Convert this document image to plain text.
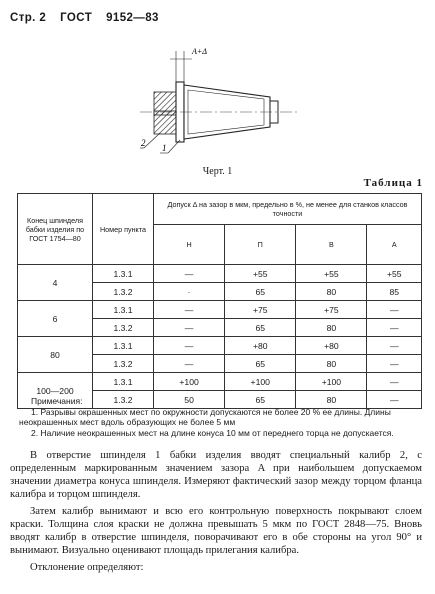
Стр. 2 ГОСТ 9152—83
A+Δ
2 1
Черт. 1
Таблица 1
Конец шпинделя бабки изделия по ГОСТ 1754—80	Номер пункта	Допуск Δ на зазор в мкм, предельно в %, не менее для станков классов точности			
		Н	П	В	А
4	1.3.1	—	+55	+55	+55
	1.3.2	·	65	80	85
6	1.3.1	—	+75	+75	—
	1.3.2	—	65	80	—
80	1.3.1	—	+80	+80	—
	1.3.2	—	65	80	—
100—200	1.3.1	+100	+100	+100	—
	1.3.2	50	65	80	—

Примечания:

1. Разрывы окрашенных мест по окружности допускаются не более 20 % ее длины. Длины неокрашенных мест вдоль образующих не более 5 мм

2. Наличие неокрашенных мест на длине конуса 10 мм от переднего торца не допускается.

В отверстие шпинделя 1 бабки изделия вводят специальный калибр 2, с определенным маркированным значением зазора A при наибольшем допускаемом значении диаметра конуса шпинделя. Измеряют фактический зазор между торцом фланца калибра и торцом шпинделя.

Затем калибр вынимают и всю его контрольную поверхность покрывают слоем краски. Толщина слоя краски не должна превышать 5 мкм по ГОСТ 2848—75. Вновь вводят калибр в отверстие шпинделя, поворачивают его в обе стороны на угол 90° и вынимают. Визуально оценивают площадь прилегания калибра.

Отклонение определяют:
